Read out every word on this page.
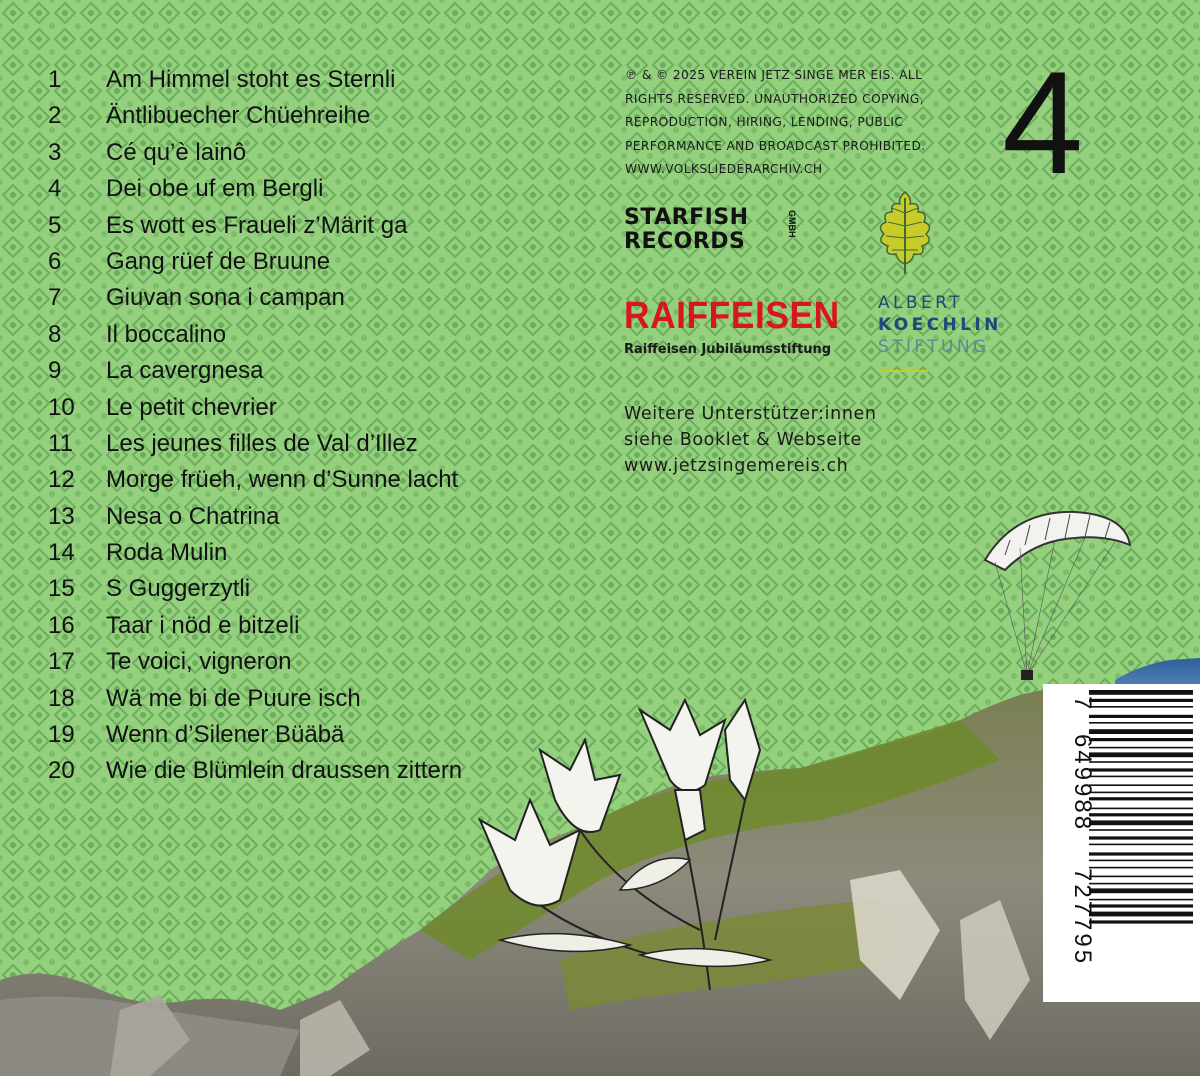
1	Am Himmel stoht es Sternli
2	Äntlibuecher Chüehreihe
3	Cé qu’è lainô
4	Dei obe uf em Bergli
5	Es wott es Fraueli z’Märit ga
6	Gang rüef de Bruune
7	Giuvan sona i campan
8	Il boccalino
9	La cavergnesa
10	Le petit chevrier
11	Les jeunes filles de Val d’Illez
12	Morge früeh, wenn d’Sunne lacht
13	Nesa o Chatrina
14	Roda Mulin
15	S Guggerzytli
16	Taar i nöd e bitzeli
17	Te voici, vigneron
18	Wä me bi de Puure isch
19	Wenn d’Silener Büäbä
20	Wie die Blümlein draussen zittern
℗ & © 2025 VEREIN JETZ SINGE MER EIS. ALL
RIGHTS RESERVED. UNAUTHORIZED COPYING,
REPRODUCTION, HIRING, LENDING, PUBLIC
PERFORMANCE AND BROADCAST PROHIBITED.
WWW.VOLKSLIEDERARCHIV.CH	4
STARFISH
RECORDS
GMBH
RAIFFEISEN
Raiffeisen Jubiläumsstiftung
ALBERT
KOECHLIN
STIFTUNG
Weitere Unterstützer:innen
siehe Booklet & Webseite
www.jetzsingemereis.ch
7
649988
727795
